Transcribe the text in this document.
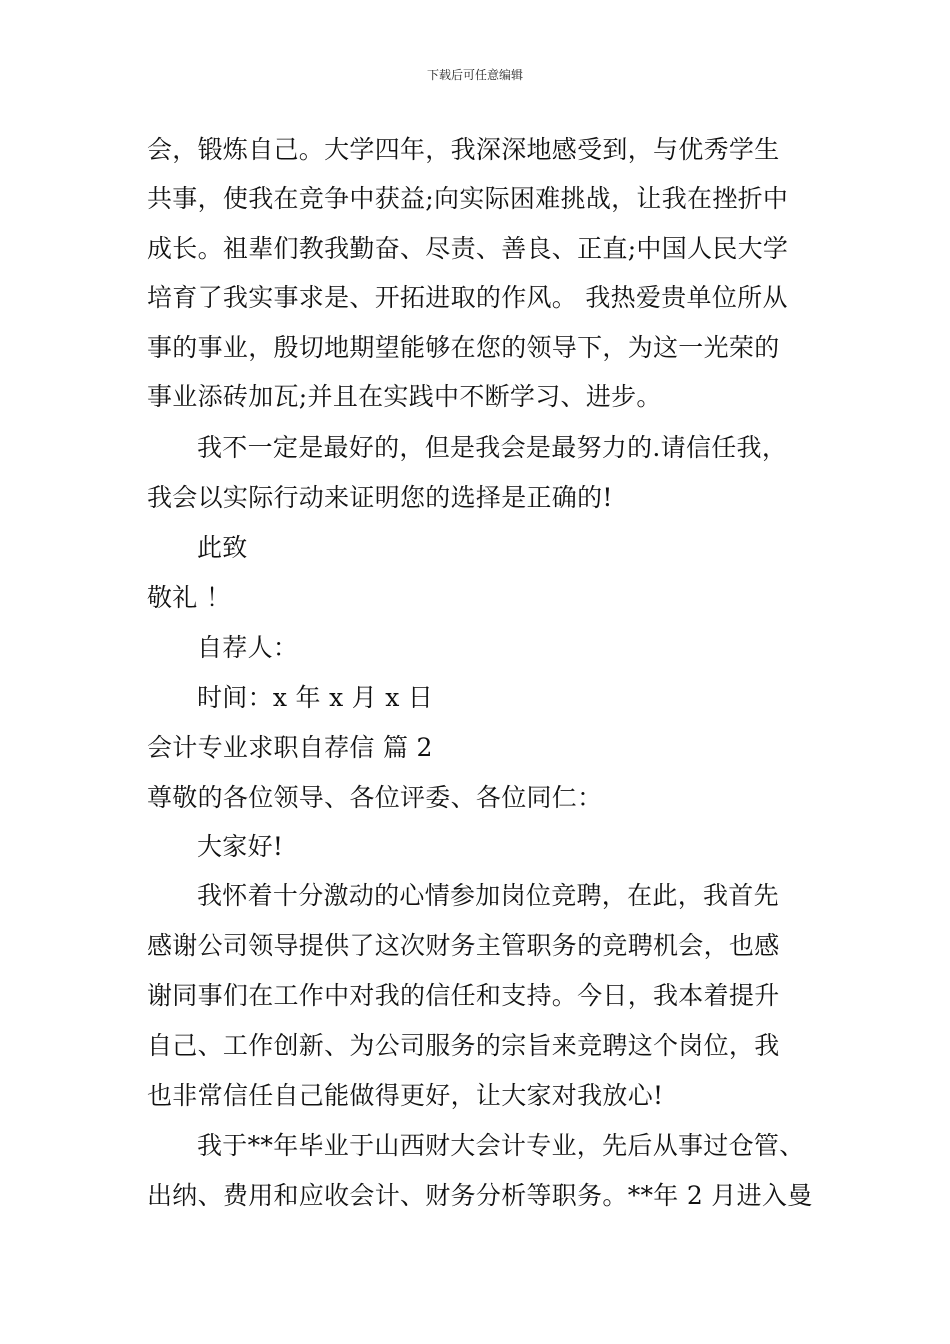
下载后可任意编辑
会，锻炼自己。大学四年，我深深地感受到，与优秀学生
共事，使我在竞争中获益;向实际困难挑战，让我在挫折中
成长。祖辈们教我勤奋、尽责、善良、正直;中国人民大学
培育了我实事求是、开拓进取的作风。 我热爱贵单位所从
事的事业，殷切地期望能够在您的领导下，为这一光荣的
事业添砖加瓦;并且在实践中不断学习、进步。
我不一定是最好的，但是我会是最努力的.请信任我，
我会以实际行动来证明您的选择是正确的!
此致
敬礼 ！
自荐人：
时间：x 年 x 月 x 日
会计专业求职自荐信 篇 2
尊敬的各位领导、各位评委、各位同仁：
大家好!
我怀着十分激动的心情参加岗位竞聘，在此，我首先
感谢公司领导提供了这次财务主管职务的竞聘机会，也感
谢同事们在工作中对我的信任和支持。今日，我本着提升
自己、工作创新、为公司服务的宗旨来竞聘这个岗位，我
也非常信任自己能做得更好，让大家对我放心!
我于**年毕业于山西财大会计专业，先后从事过仓管、
出纳、费用和应收会计、财务分析等职务。**年 2 月进入曼
